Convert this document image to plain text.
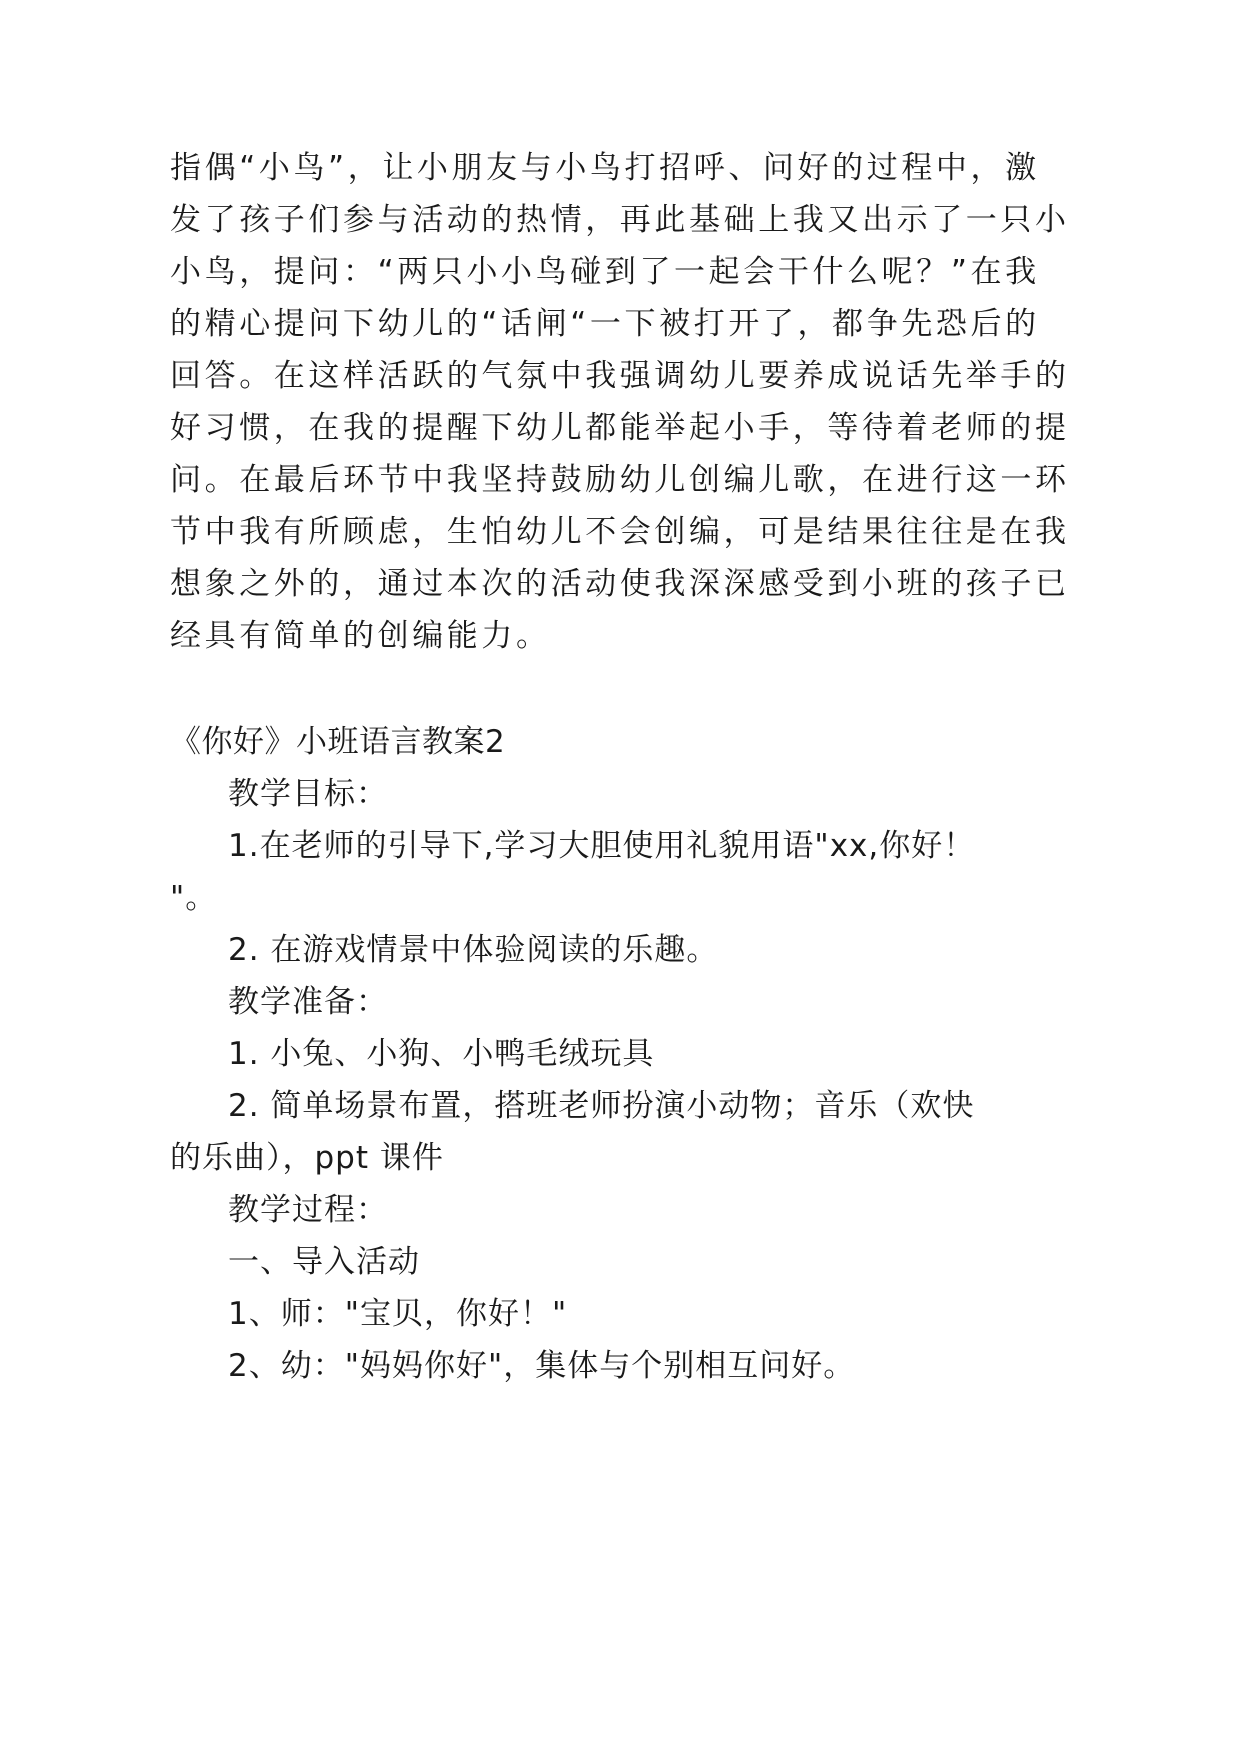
指偶“小鸟”，让小朋友与小鸟打招呼、问好的过程中，激
发了孩子们参与活动的热情，再此基础上我又出示了一只小
小鸟，提问：“两只小小鸟碰到了一起会干什么呢？”在我
的精心提问下幼儿的“话闸“一下被打开了，都争先恐后的
回答。在这样活跃的气氛中我强调幼儿要养成说话先举手的
好习惯，在我的提醒下幼儿都能举起小手，等待着老师的提
问。在最后环节中我坚持鼓励幼儿创编儿歌，在进行这一环
节中我有所顾虑，生怕幼儿不会创编，可是结果往往是在我
想象之外的，通过本次的活动使我深深感受到小班的孩子已
经具有简单的创编能力。
《你好》小班语言教案2
教学目标：
1.在老师的引导下,学习大胆使用礼貌用语"xx,你好！
"。
2. 在游戏情景中体验阅读的乐趣。
教学准备：
1. 小兔、小狗、小鸭毛绒玩具
2. 简单场景布置，搭班老师扮演小动物；音乐（欢快
的乐曲），ppt 课件
教学过程：
一、导入活动
1、师："宝贝，你好！"
2、幼："妈妈你好"，集体与个别相互问好。
